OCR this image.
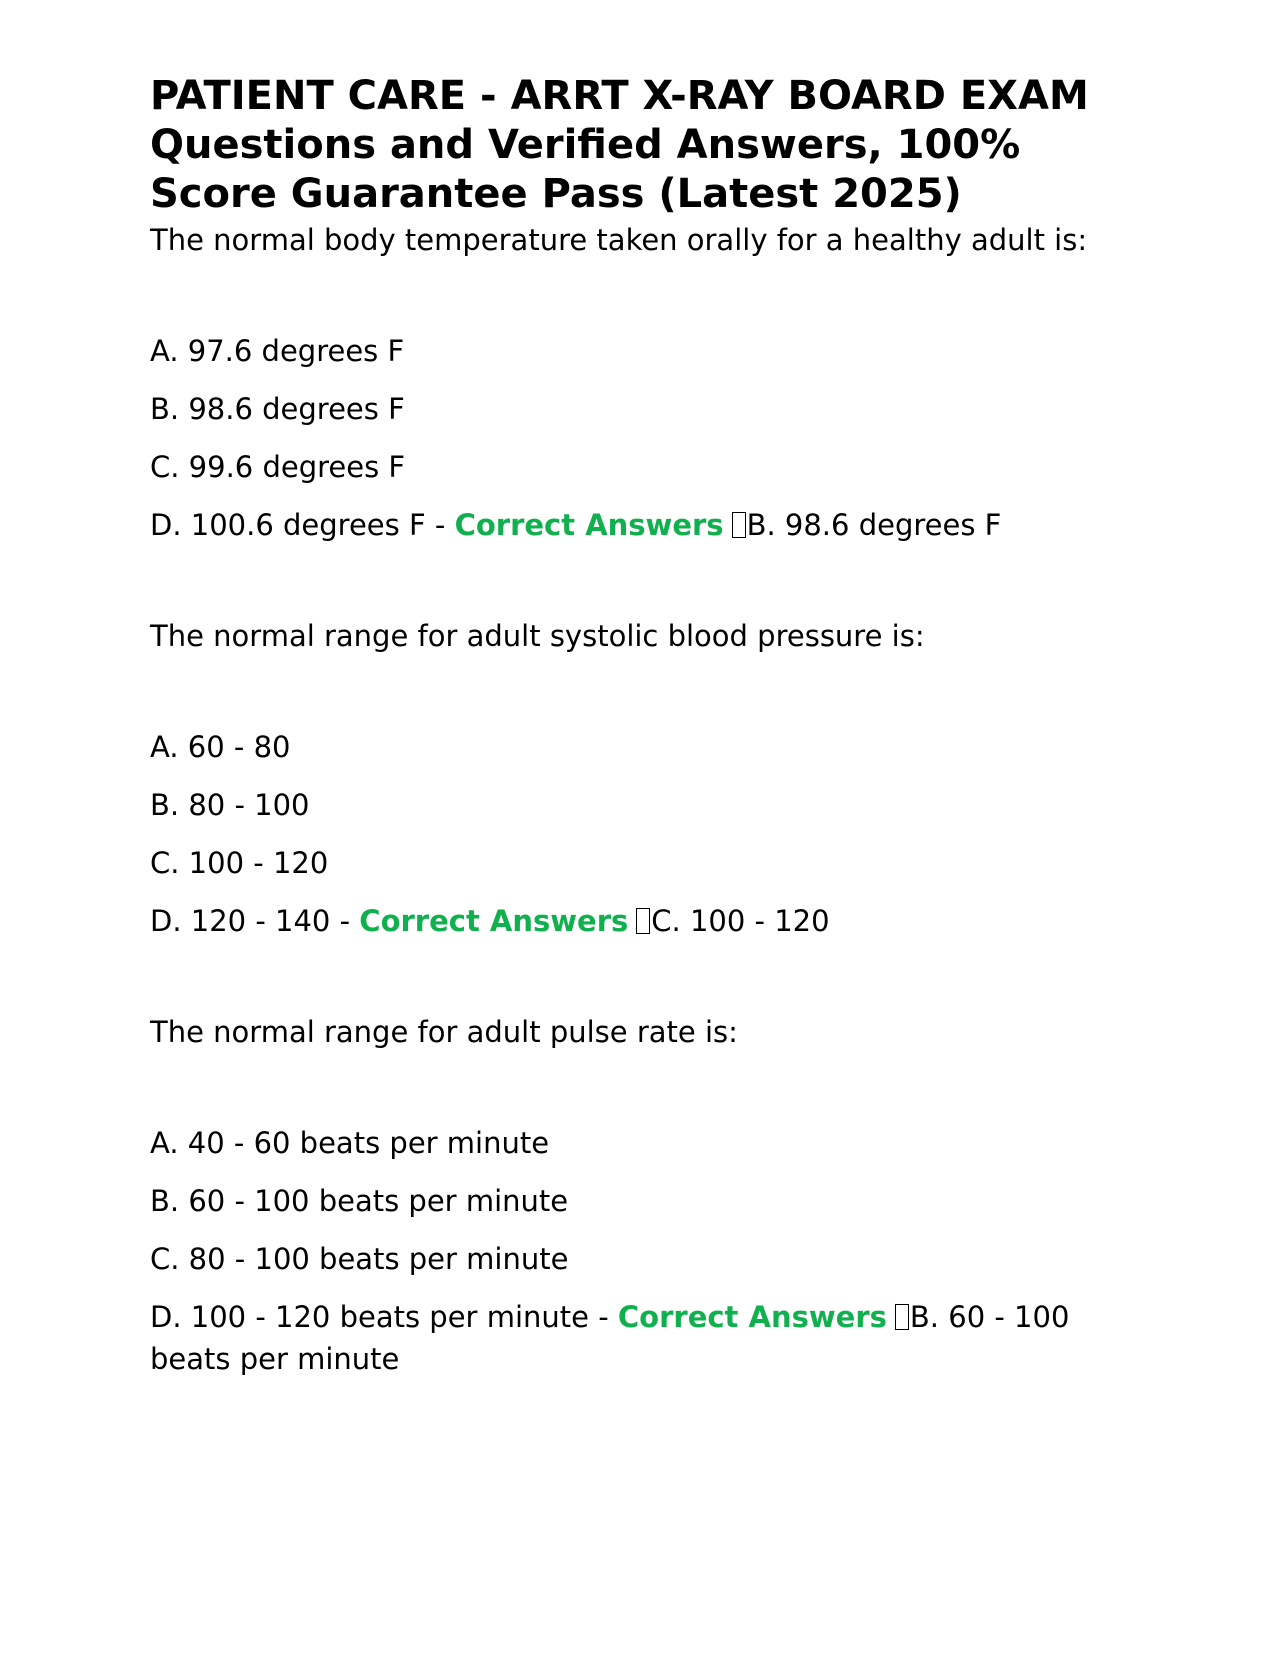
PATIENT CARE - ARRT X-RAY BOARD EXAM Questions and Verified Answers, 100% Score Guarantee Pass (Latest 2025)

The normal body temperature taken orally for a healthy adult is:

A. 97.6 degrees F

B. 98.6 degrees F

C. 99.6 degrees F

D. 100.6 degrees F - Correct Answers B. 98.6 degrees F

The normal range for adult systolic blood pressure is:

A. 60 - 80

B. 80 - 100

C. 100 - 120

D. 120 - 140 - Correct Answers C. 100 - 120

The normal range for adult pulse rate is:

A. 40 - 60 beats per minute

B. 60 - 100 beats per minute

C. 80 - 100 beats per minute

D. 100 - 120 beats per minute - Correct Answers B. 60 - 100 beats per minute
